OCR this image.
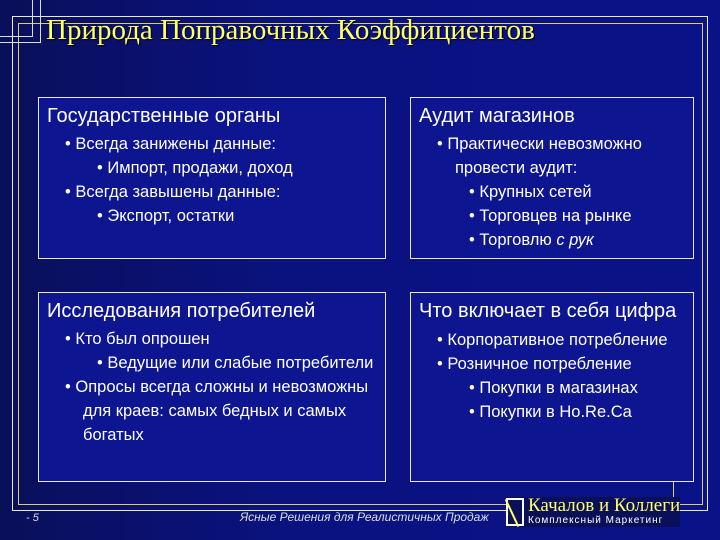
Природа Поправочных Коэффициентов
Государственные органы
• Всегда занижены данные:
• Импорт, продажи, доход
• Всегда завышены данные:
• Экспорт, остатки
Аудит магазинов
• Практически невозможно провести аудит:
• Крупных сетей
• Торговцев на рынке
• Торговлю с рук
Исследования потребителей
• Кто был опрошен
• Ведущие или слабые потребители
• Опросы всегда сложны и невозможны для краев: самых бедных и самых богатых
Что включает в себя цифра
• Корпоративное потребление
• Розничное потребление
• Покупки в магазинах
• Покупки в Ho.Re.Ca
- 5	Ясные Решения для Реалистичных Продаж
Качалов и Коллеги
Комплексный Маркетинг
